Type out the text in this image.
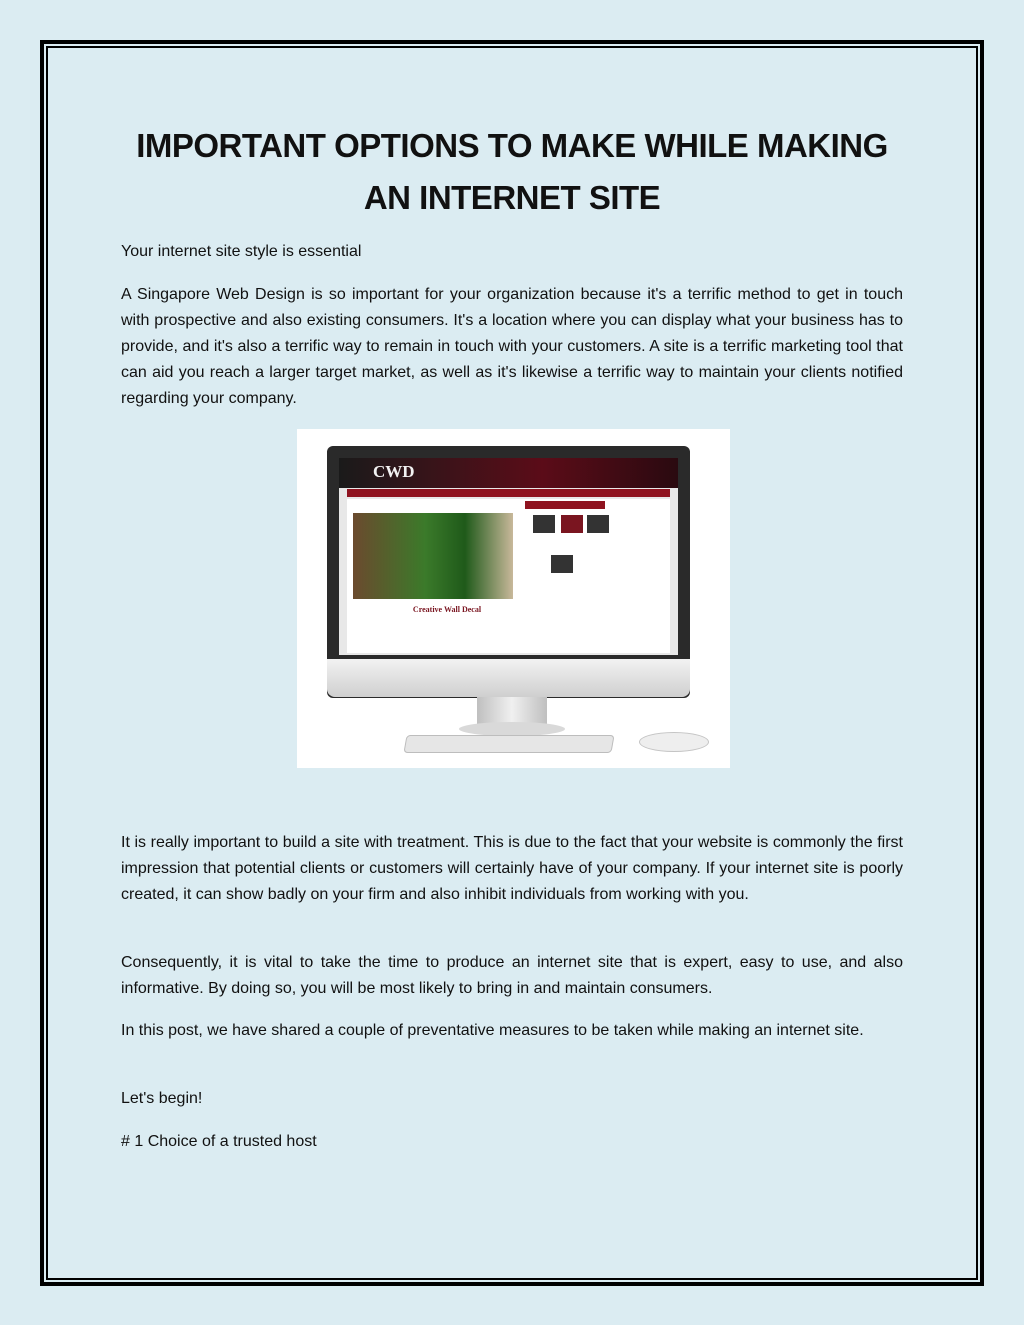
IMPORTANT OPTIONS TO MAKE WHILE MAKING AN INTERNET SITE

Your internet site style is essential

A Singapore Web Design is so important for your organization because it's a terrific method to get in touch with prospective and also existing consumers. It's a location where you can display what your business has to provide, and it's also a terrific way to remain in touch with your customers. A site is a terrific marketing tool that can aid you reach a larger target market, as well as it's likewise a terrific way to maintain your clients notified regarding your company.

CWD
Creative Wall Decal

It is really important to build a site with treatment. This is due to the fact that your website is commonly the first impression that potential clients or customers will certainly have of your company. If your internet site is poorly created, it can show badly on your firm and also inhibit individuals from working with you.

Consequently, it is vital to take the time to produce an internet site that is expert, easy to use, and also informative. By doing so, you will be most likely to bring in and maintain consumers.

In this post, we have shared a couple of preventative measures to be taken while making an internet site.

Let's begin!

# 1 Choice of a trusted host
